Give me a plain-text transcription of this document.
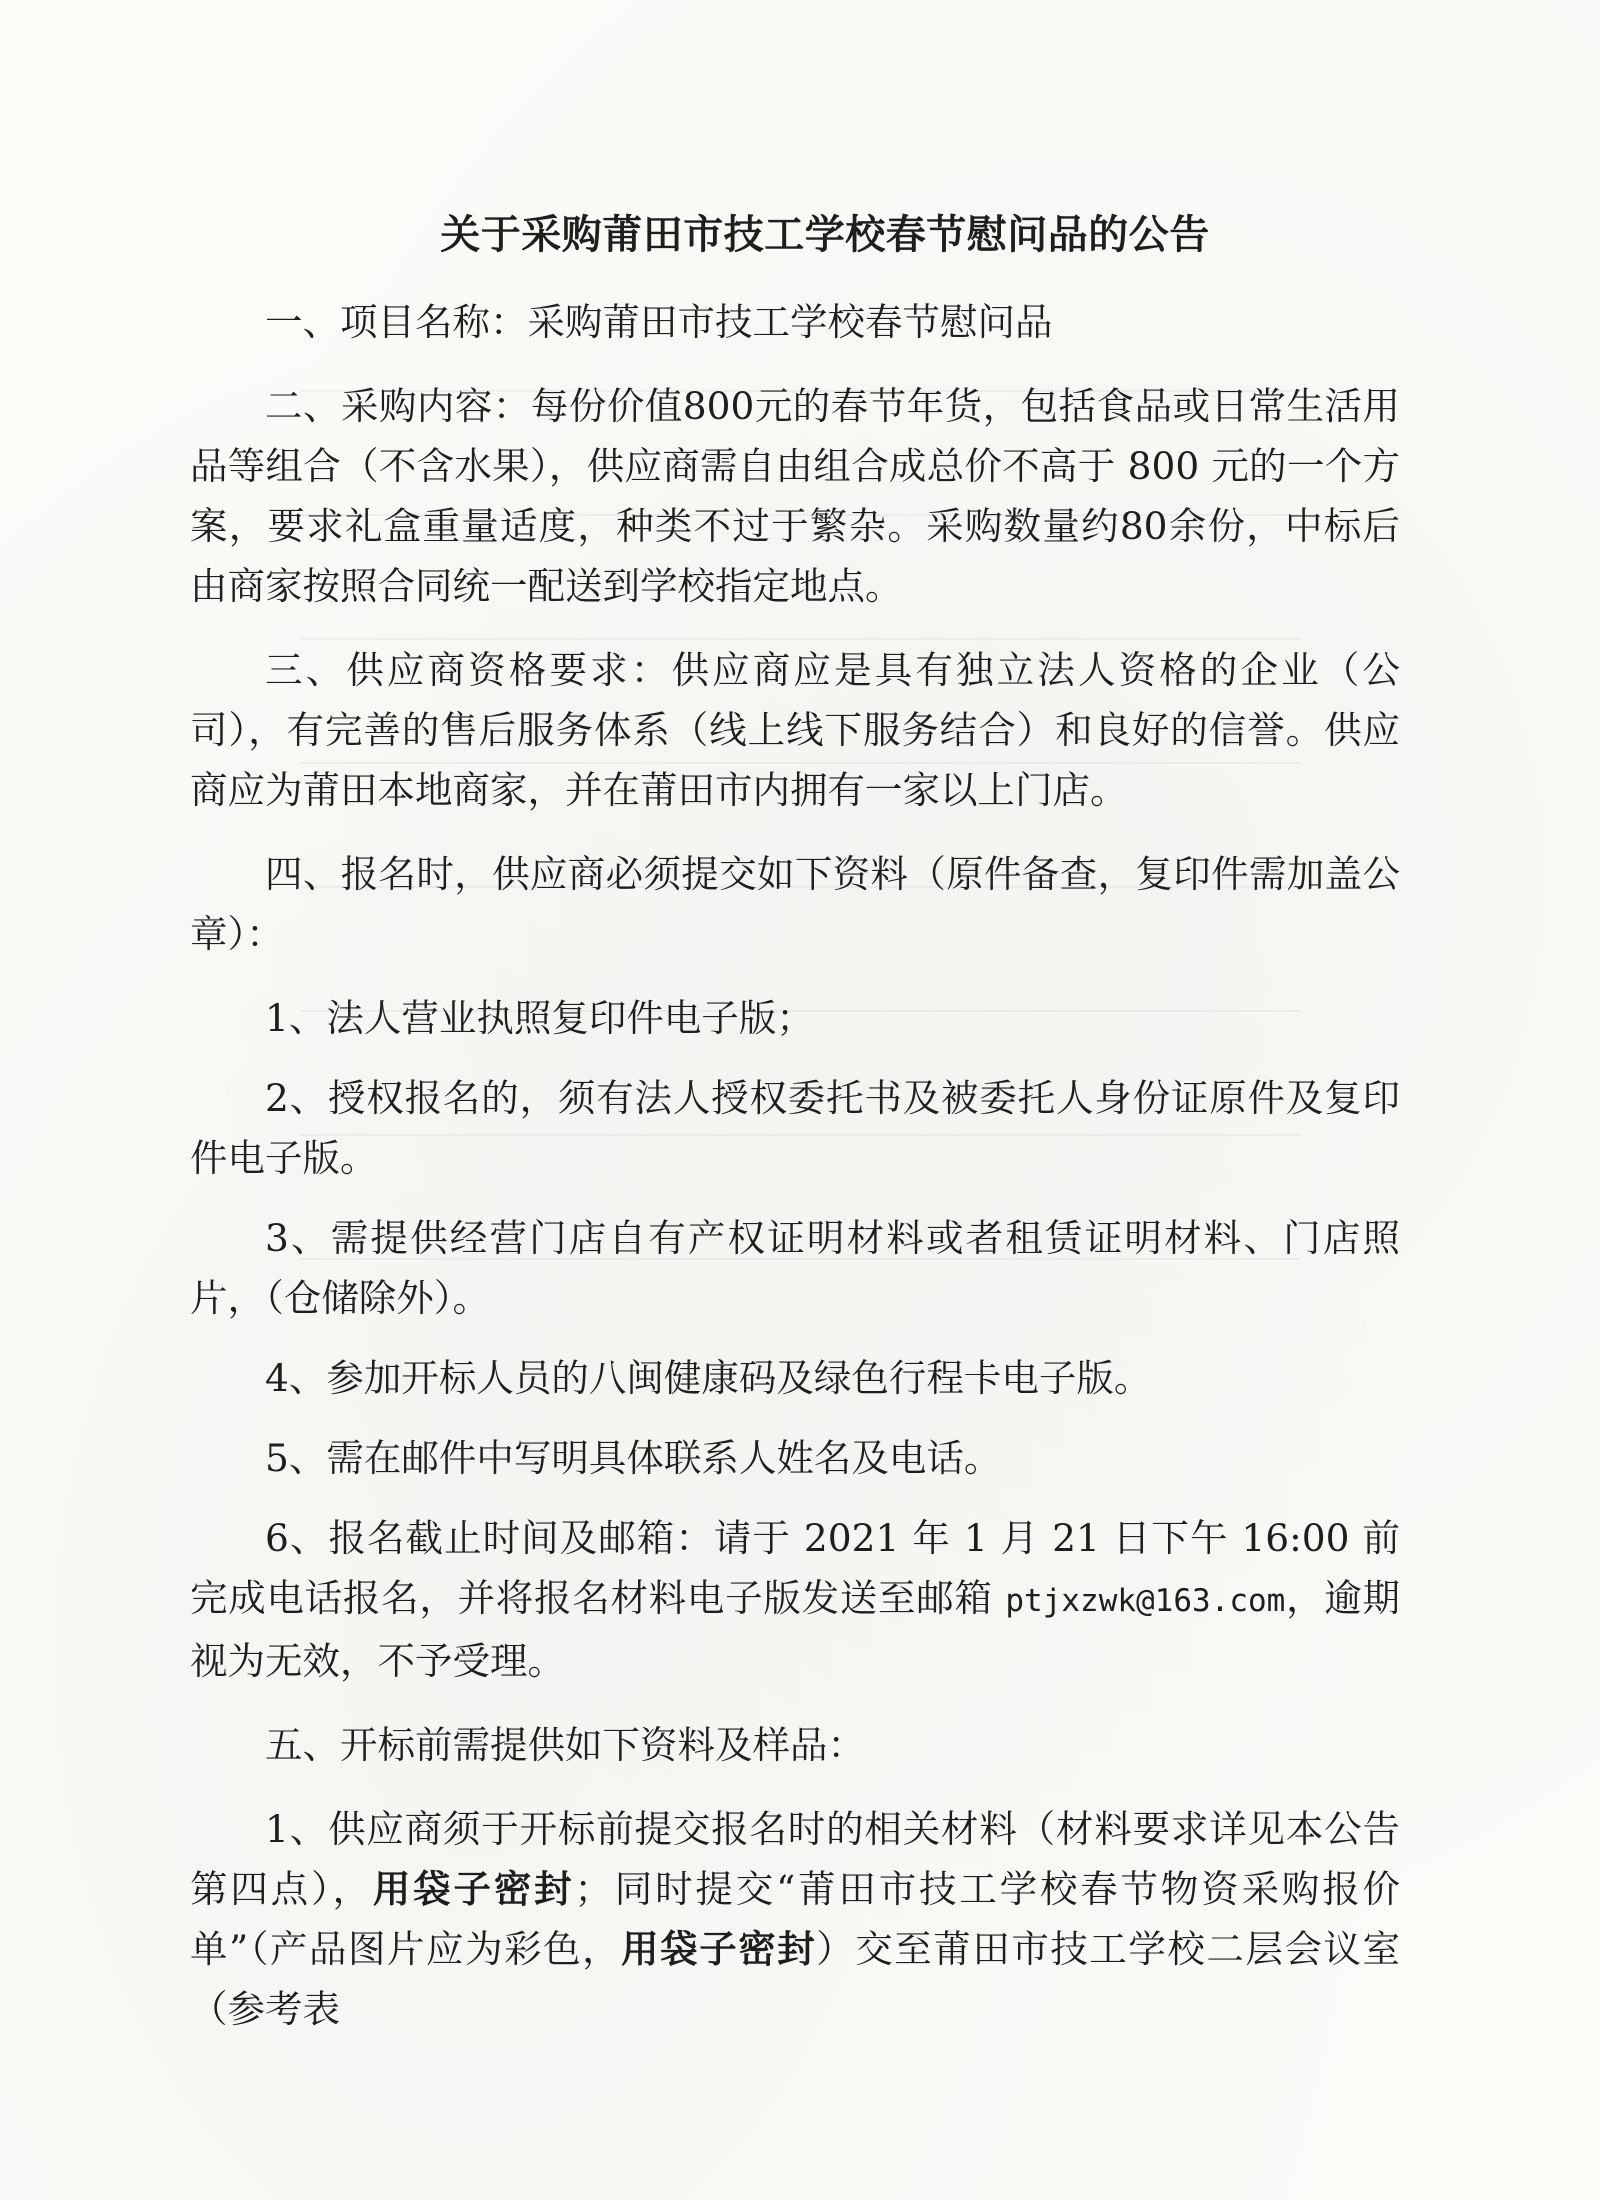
关于采购莆田市技工学校春节慰问品的公告

一、项目名称：采购莆田市技工学校春节慰问品

二、采购内容：每份价值800元的春节年货，包括食品或日常生活用品等组合（不含水果），供应商需自由组合成总价不高于 800 元的一个方案，要求礼盒重量适度，种类不过于繁杂。采购数量约80余份，中标后由商家按照合同统一配送到学校指定地点。

三、供应商资格要求：供应商应是具有独立法人资格的企业（公司），有完善的售后服务体系（线上线下服务结合）和良好的信誉。供应商应为莆田本地商家，并在莆田市内拥有一家以上门店。

四、报名时，供应商必须提交如下资料（原件备查，复印件需加盖公章）：

1、法人营业执照复印件电子版；

2、授权报名的，须有法人授权委托书及被委托人身份证原件及复印件电子版。

3、需提供经营门店自有产权证明材料或者租赁证明材料、门店照片，（仓储除外）。

4、参加开标人员的八闽健康码及绿色行程卡电子版。

5、需在邮件中写明具体联系人姓名及电话。

6、报名截止时间及邮箱：请于 2021 年 1 月 21 日下午 16:00 前完成电话报名，并将报名材料电子版发送至邮箱 ptjxzwk@163.com，逾期视为无效，不予受理。

五、开标前需提供如下资料及样品：

1、供应商须于开标前提交报名时的相关材料（材料要求详见本公告第四点），用袋子密封；同时提交“莆田市技工学校春节物资采购报价单”（产品图片应为彩色，用袋子密封）交至莆田市技工学校二层会议室（参考表
